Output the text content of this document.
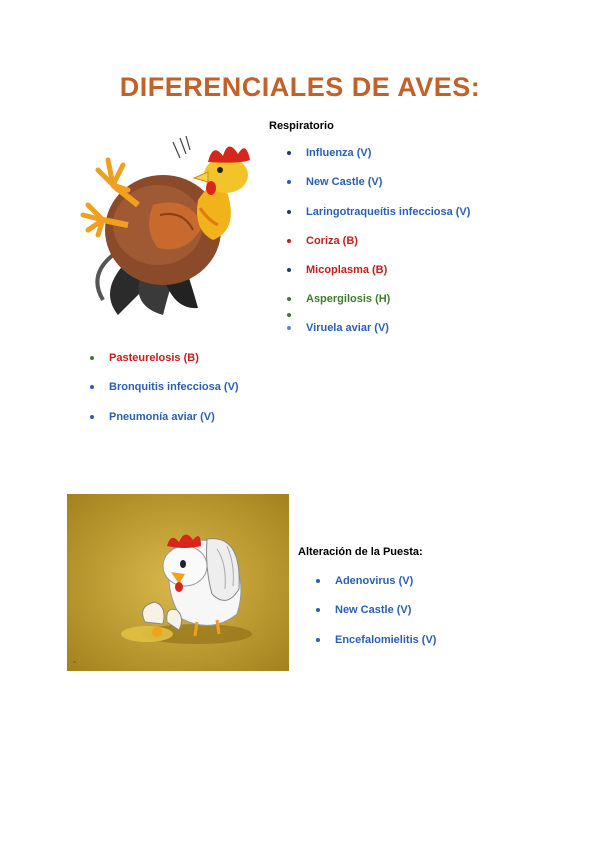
DIFERENCIALES DE AVES:
Respiratorio
Influenza (V)
New Castle (V)
Laringotraqueítis infecciosa (V)
Coriza (B)
Micoplasma (B)
Aspergilosis (H)
Viruela aviar (V)
Pasteurelosis (B)
Bronquitis infecciosa (V)
Pneumonía aviar (V)
~
Alteración de la Puesta:
Adenovirus (V)
New Castle (V)
Encefalomielitis (V)
